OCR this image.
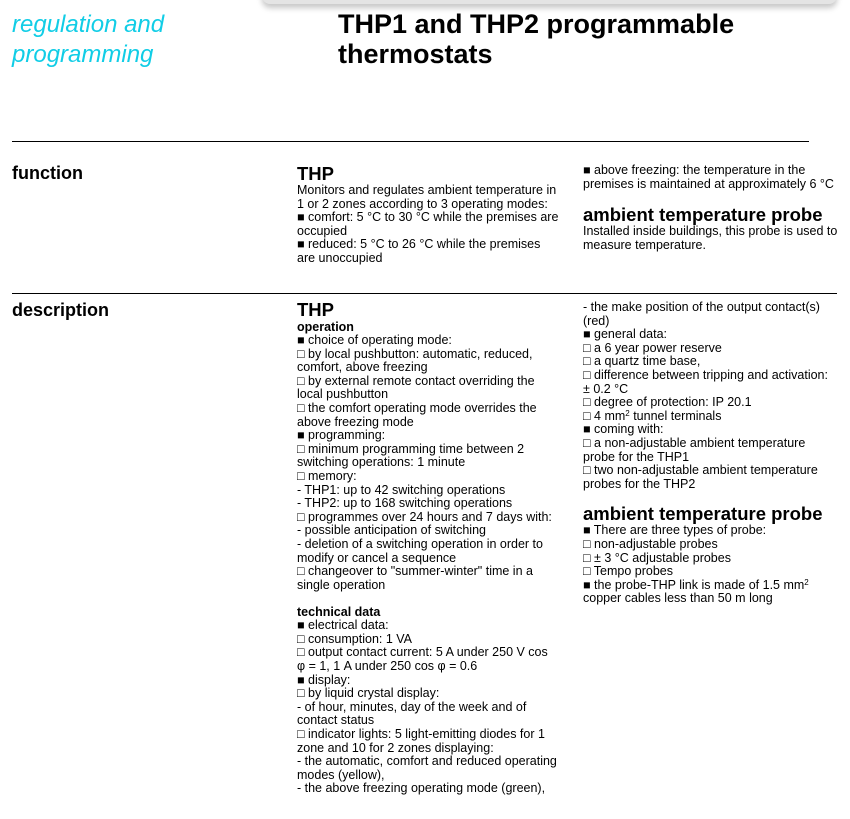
regulation and
programming
THP1 and THP2 programmable
thermostats
function	THP
Monitors and regulates ambient temperature in 1 or 2 zones according to 3 operating modes:
■ comfort: 5 °C to 30 °C while the premises are occupied
■ reduced: 5 °C to 26 °C while the premises are unoccupied
■ above freezing: the temperature in the premises is maintained at approximately 6 °C
ambient temperature probe
Installed inside buildings, this probe is used to measure temperature.
description	THP
operation
■ choice of operating mode:
□ by local pushbutton: automatic, reduced, comfort, above freezing
□ by external remote contact overriding the local pushbutton
□ the comfort operating mode overrides the above freezing mode
■ programming:
□ minimum programming time between 2 switching operations: 1 minute
□ memory:
- THP1: up to 42 switching operations
- THP2: up to 168 switching operations
□ programmes over 24 hours and 7 days with:
- possible anticipation of switching
- deletion of a switching operation in order to modify or cancel a sequence
□ changeover to "summer-winter" time in a single operation
technical data
■ electrical data:
□ consumption: 1 VA
□ output contact current: 5 A under 250 V cos φ = 1, 1 A under 250 cos φ = 0.6
■ display:
□ by liquid crystal display:
- of hour, minutes, day of the week and of contact status
□ indicator lights: 5 light-emitting diodes for 1 zone and 10 for 2 zones displaying:
- the automatic, comfort and reduced operating modes (yellow),
- the above freezing operating mode (green),
- the make position of the output contact(s) (red)
■ general data:
□ a 6 year power reserve
□ a quartz time base,
□ difference between tripping and activation: ± 0.2 °C
□ degree of protection: IP 20.1
□ 4 $mm^2$ tunnel terminals
■ coming with:
□ a non-adjustable ambient temperature probe for the THP1
□ two non-adjustable ambient temperature probes for the THP2
ambient temperature probe
■ There are three types of probe:
□ non-adjustable probes
□ ± 3 °C adjustable probes
□ Tempo probes
■ the probe-THP link is made of 1.5 $mm^2$ copper cables less than 50 m long
